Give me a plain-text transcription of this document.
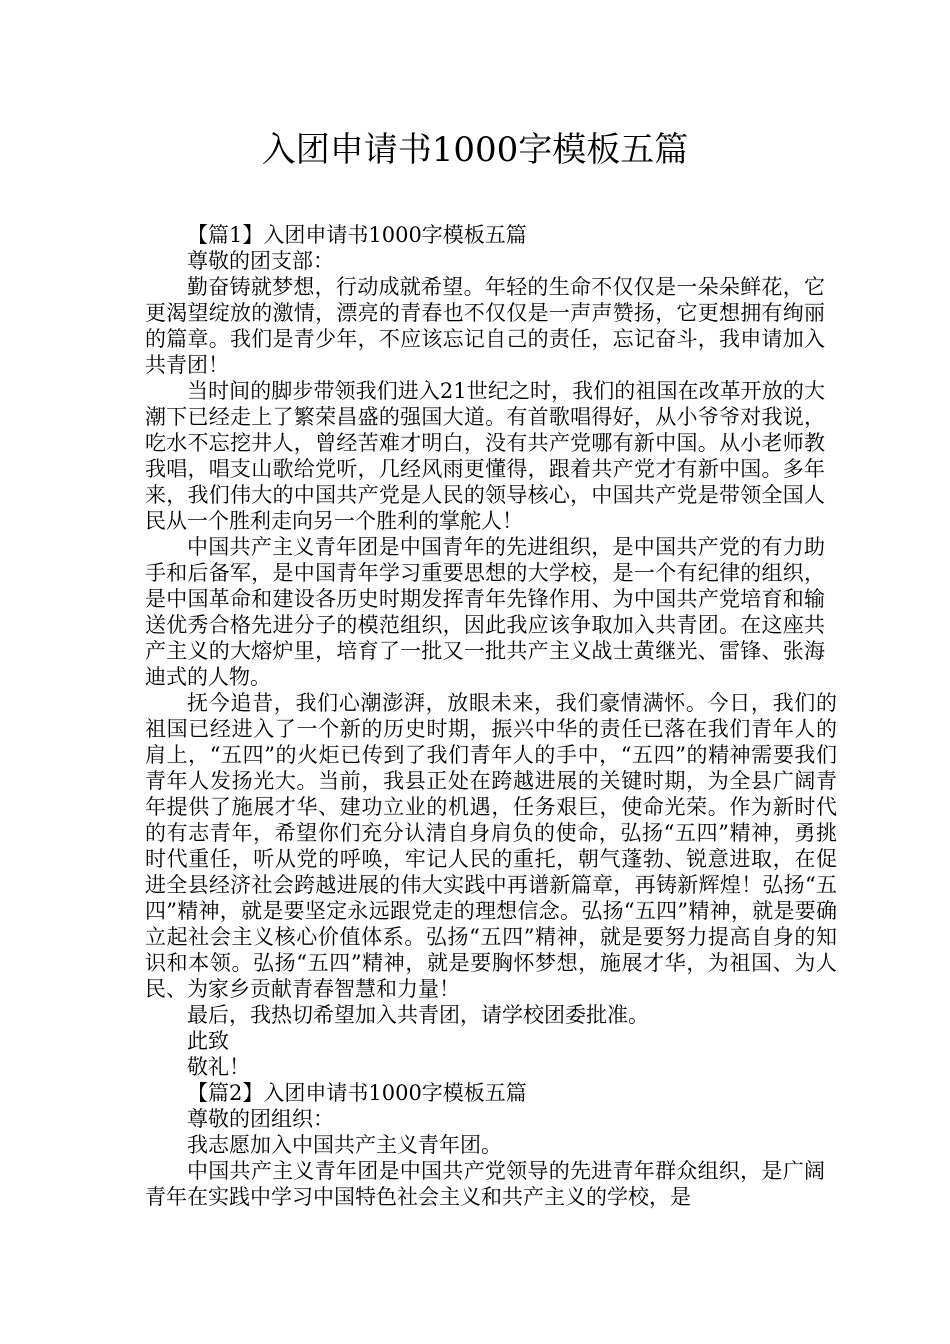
入团申请书1000字模板五篇

【篇1】入团申请书1000字模板五篇

尊敬的团支部：

勤奋铸就梦想，行动成就希望。年轻的生命不仅仅是一朵朵鲜花，它更渴望绽放的激情，漂亮的青春也不仅仅是一声声赞扬，它更想拥有绚丽的篇章。我们是青少年，不应该忘记自己的责任，忘记奋斗，我申请加入共青团！

当时间的脚步带领我们进入21世纪之时，我们的祖国在改革开放的大潮下已经走上了繁荣昌盛的强国大道。有首歌唱得好，从小爷爷对我说，吃水不忘挖井人，曾经苦难才明白，没有共产党哪有新中国。从小老师教我唱，唱支山歌给党听，几经风雨更懂得，跟着共产党才有新中国。多年来，我们伟大的中国共产党是人民的领导核心，中国共产党是带领全国人民从一个胜利走向另一个胜利的掌舵人！

中国共产主义青年团是中国青年的先进组织，是中国共产党的有力助手和后备军，是中国青年学习重要思想的大学校，是一个有纪律的组织，是中国革命和建设各历史时期发挥青年先锋作用、为中国共产党培育和输送优秀合格先进分子的模范组织，因此我应该争取加入共青团。在这座共产主义的大熔炉里，培育了一批又一批共产主义战士黄继光、雷锋、张海迪式的人物。

抚今追昔，我们心潮澎湃，放眼未来，我们豪情满怀。今日，我们的祖国已经进入了一个新的历史时期，振兴中华的责任已落在我们青年人的肩上，“五四”的火炬已传到了我们青年人的手中，“五四”的精神需要我们青年人发扬光大。当前，我县正处在跨越进展的关键时期，为全县广阔青年提供了施展才华、建功立业的机遇，任务艰巨，使命光荣。作为新时代的有志青年，希望你们充分认清自身肩负的使命，弘扬“五四”精神，勇挑时代重任，听从党的呼唤，牢记人民的重托，朝气蓬勃、锐意进取，在促进全县经济社会跨越进展的伟大实践中再谱新篇章，再铸新辉煌！弘扬“五四”精神，就是要坚定永远跟党走的理想信念。弘扬“五四”精神，就是要确立起社会主义核心价值体系。弘扬“五四”精神，就是要努力提高自身的知识和本领。弘扬“五四”精神，就是要胸怀梦想，施展才华，为祖国、为人民、为家乡贡献青春智慧和力量！

最后，我热切希望加入共青团，请学校团委批准。

此致

敬礼！

【篇2】入团申请书1000字模板五篇

尊敬的团组织：

我志愿加入中国共产主义青年团。

中国共产主义青年团是中国共产党领导的先进青年群众组织，是广阔青年在实践中学习中国特色社会主义和共产主义的学校，是
